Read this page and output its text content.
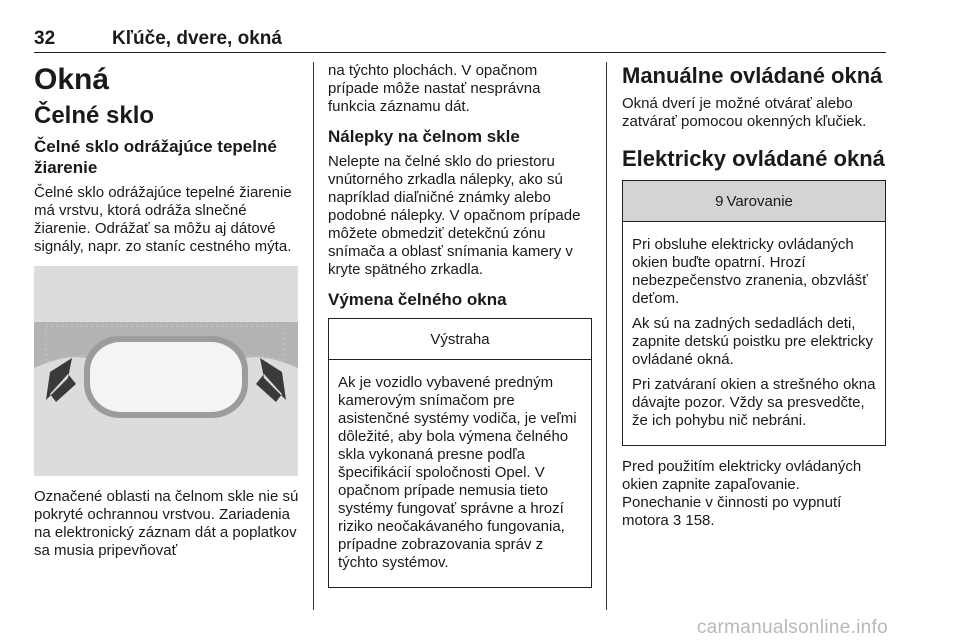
32	Kľúče, dvere, okná
Okná
Čelné sklo
Čelné sklo odrážajúce tepelné žiarenie

Čelné sklo odrážajúce tepelné žiarenie má vrstvu, ktorá odráža slnečné žiarenie. Odrážať sa môžu aj dátové signály, napr. zo staníc cestného mýta.

Označené oblasti na čelnom skle nie sú pokryté ochrannou vrstvou. Zariadenia na elektronický záznam dát a poplatkov sa musia pripevňovať

na týchto plochách. V opačnom prípade môže nastať nesprávna funkcia záznamu dát.

Nálepky na čelnom skle

Nelepte na čelné sklo do priestoru vnútorného zrkadla nálepky, ako sú napríklad diaľničné známky alebo podobné nálepky. V opačnom prípade môžete obmedziť detekčnú zónu snímača a oblasť snímania kamery v kryte spätného zrkadla.

Výmena čelného okna
Výstraha

Ak je vozidlo vybavené predným kamerovým snímačom pre asistenčné systémy vodiča, je veľmi dôležité, aby bola výmena čelného skla vykonaná presne podľa špecifikácií spoločnosti Opel. V opačnom prípade nemusia tieto systémy fungovať správne a hrozí riziko neočakávaného fungovania, prípadne zobrazovania správ z týchto systémov.

Manuálne ovládané okná

Okná dverí je možné otvárať alebo zatvárať pomocou okenných kľučiek.

Elektricky ovládané okná
9 Varovanie

Pri obsluhe elektricky ovládaných okien buďte opatrní. Hrozí nebezpečenstvo zranenia, obzvlášť deťom.

Ak sú na zadných sedadlách deti, zapnite detskú poistku pre elektricky ovládané okná.

Pri zatváraní okien a strešného okna dávajte pozor. Vždy sa presvedčte, že ich pohybu nič nebráni.

Pred použitím elektricky ovládaných okien zapnite zapaľovanie.

Ponechanie v činnosti po vypnutí motora 3 158.

carmanualsonline.info
